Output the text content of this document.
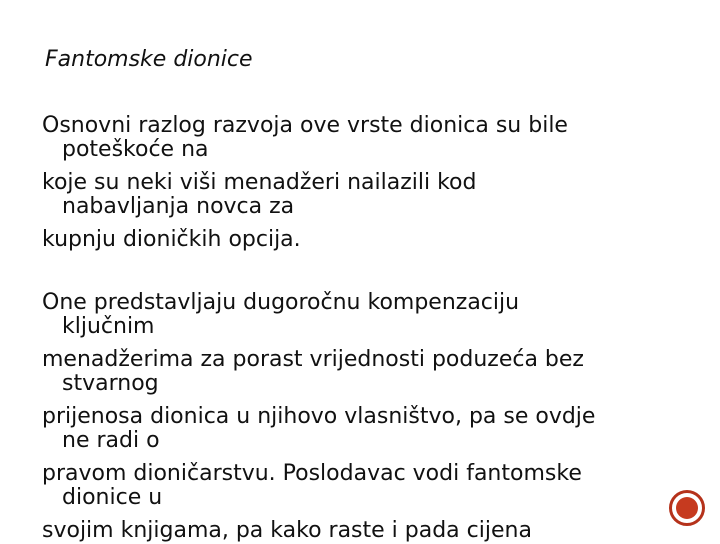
Fantomske dionice
Osnovni razlog razvoja ove vrste dionica su bile
poteškoće na
koje su neki viši menadžeri nailazili kod
nabavljanja novca za
kupnju dioničkih opcija.
One predstavljaju dugoročnu kompenzaciju
ključnim
menadžerima za porast vrijednosti poduzeća bez
stvarnog
prijenosa dionica u njihovo vlasništvo, pa se ovdje
ne radi o
pravom dioničarstvu. Poslodavac vodi fantomske
dionice u
svojim knjigama, pa kako raste i pada cijena
